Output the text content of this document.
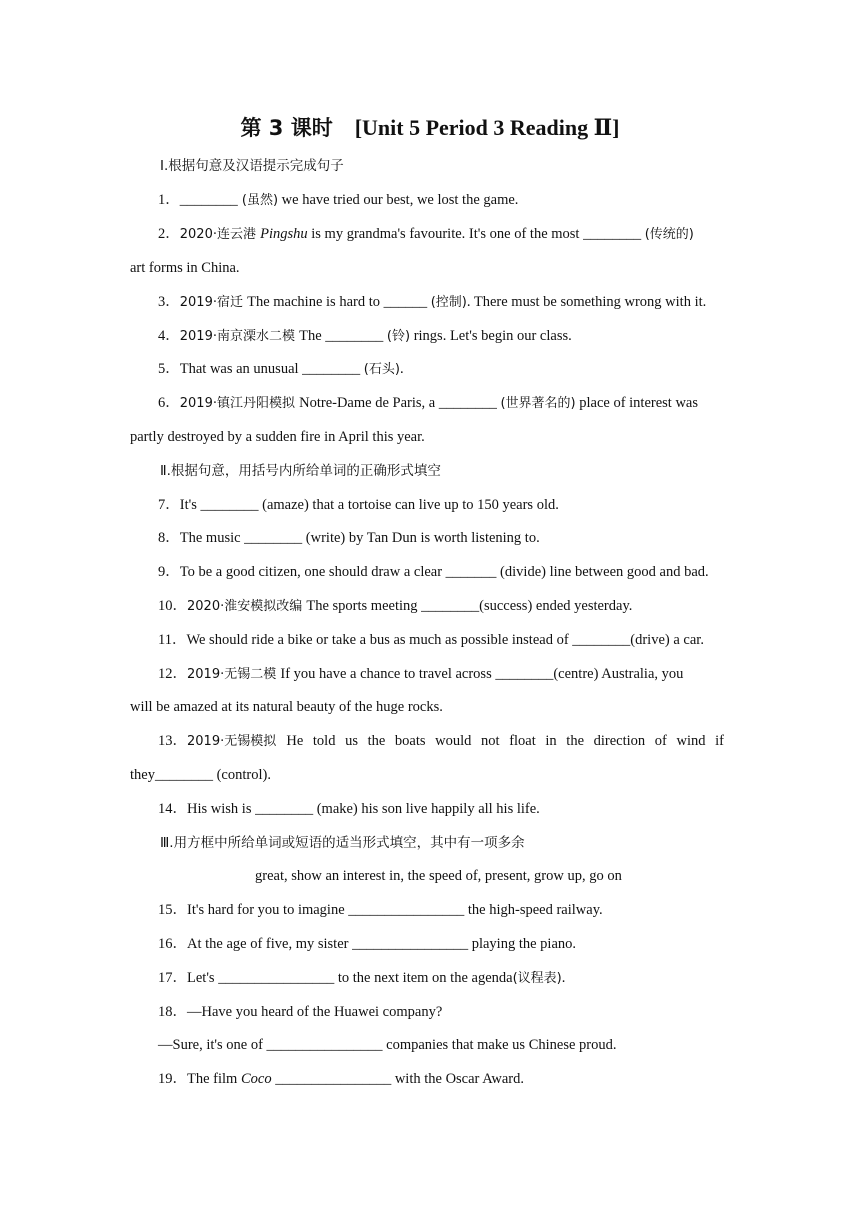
第 3 课时 [Unit 5 Period 3 Reading Ⅱ]
Ⅰ.根据句意及汉语提示完成句子
1．________ (虽然) we have tried our best, we lost the game.
2．2020·连云港 Pingshu is my grandma's favourite. It's one of the most ________ (传统的)
art forms in China.
3．2019·宿迁 The machine is hard to ______ (控制). There must be something wrong with it.
4．2019·南京溧水二模 The ________ (铃) rings. Let's begin our class.
5．That was an unusual ________ (石头).
6．2019·镇江丹阳模拟 Notre-Dame de Paris, a ________ (世界著名的) place of interest was
partly destroyed by a sudden fire in April this year.
Ⅱ.根据句意，用括号内所给单词的正确形式填空
7．It's ________ (amaze) that a tortoise can live up to 150 years old.
8．The music ________ (write) by Tan Dun is worth listening to.
9．To be a good citizen, one should draw a clear _______ (divide) line between good and bad.
10．2020·淮安模拟改编 The sports meeting ________(success) ended yesterday.
11．We should ride a bike or take a bus as much as possible instead of ________(drive) a car.
12．2019·无锡二模 If you have a chance to travel across ________(centre) Australia, you
will be amazed at its natural beauty of the huge rocks.
13．2019·无锡模拟 He told us the boats would not float in the direction of wind if
they________ (control).
14．His wish is ________ (make) his son live happily all his life.
Ⅲ.用方框中所给单词或短语的适当形式填空，其中有一项多余
great, show an interest in, the speed of, present, grow up, go on
15．It's hard for you to imagine ________________ the high-speed railway.
16．At the age of five, my sister ________________ playing the piano.
17．Let's ________________ to the next item on the agenda(议程表).
18．—Have you heard of the Huawei company?
—Sure, it's one of ________________ companies that make us Chinese proud.
19．The film Coco ________________ with the Oscar Award.
